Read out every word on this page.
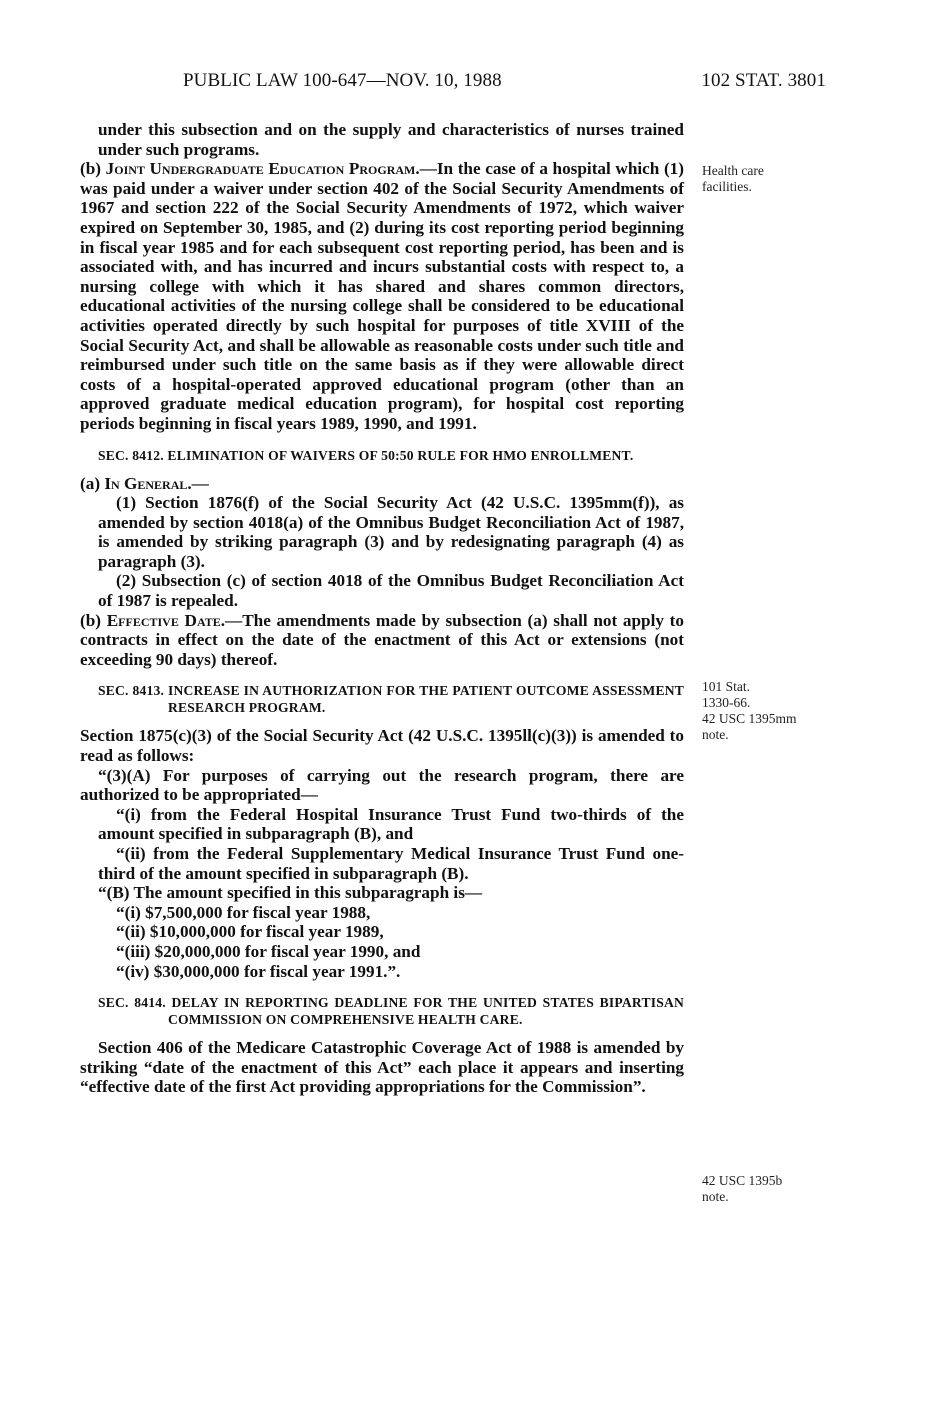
PUBLIC LAW 100-647—NOV. 10, 1988	102 STAT. 3801
Health care
facilities.
101 Stat.
1330-66.
42 USC 1395mm
note.
42 USC 1395b
note.

under this subsection and on the supply and characteristics of nurses trained under such programs.

(b) Joint Undergraduate Education Program.—In the case of a hospital which (1) was paid under a waiver under section 402 of the Social Security Amendments of 1967 and section 222 of the Social Security Amendments of 1972, which waiver expired on September 30, 1985, and (2) during its cost reporting period beginning in fiscal year 1985 and for each subsequent cost reporting period, has been and is associated with, and has incurred and incurs substantial costs with respect to, a nursing college with which it has shared and shares common directors, educational activities of the nursing college shall be considered to be educational activities operated directly by such hospital for purposes of title XVIII of the Social Security Act, and shall be allowable as reasonable costs under such title and reimbursed under such title on the same basis as if they were allowable direct costs of a hospital-operated approved educational program (other than an approved graduate medical education program), for hospital cost reporting periods beginning in fiscal years 1989, 1990, and 1991.

SEC. 8412. ELIMINATION OF WAIVERS OF 50:50 RULE FOR HMO ENROLLMENT.

(a) In General.—

(1) Section 1876(f) of the Social Security Act (42 U.S.C. 1395mm(f)), as amended by section 4018(a) of the Omnibus Budget Reconciliation Act of 1987, is amended by striking paragraph (3) and by redesignating paragraph (4) as paragraph (3).

(2) Subsection (c) of section 4018 of the Omnibus Budget Reconciliation Act of 1987 is repealed.

(b) Effective Date.—The amendments made by subsection (a) shall not apply to contracts in effect on the date of the enactment of this Act or extensions (not exceeding 90 days) thereof.

SEC. 8413. INCREASE IN AUTHORIZATION FOR THE PATIENT OUTCOME ASSESSMENT RESEARCH PROGRAM.

Section 1875(c)(3) of the Social Security Act (42 U.S.C. 1395ll(c)(3)) is amended to read as follows:

“(3)(A) For purposes of carrying out the research program, there are authorized to be appropriated—

“(i) from the Federal Hospital Insurance Trust Fund two-thirds of the amount specified in subparagraph (B), and

“(ii) from the Federal Supplementary Medical Insurance Trust Fund one-third of the amount specified in subparagraph (B).

“(B) The amount specified in this subparagraph is—

“(i) $7,500,000 for fiscal year 1988,

“(ii) $10,000,000 for fiscal year 1989,

“(iii) $20,000,000 for fiscal year 1990, and

“(iv) $30,000,000 for fiscal year 1991.”.

SEC. 8414. DELAY IN REPORTING DEADLINE FOR THE UNITED STATES BIPARTISAN COMMISSION ON COMPREHENSIVE HEALTH CARE.

Section 406 of the Medicare Catastrophic Coverage Act of 1988 is amended by striking “date of the enactment of this Act” each place it appears and inserting “effective date of the first Act providing appropriations for the Commission”.
